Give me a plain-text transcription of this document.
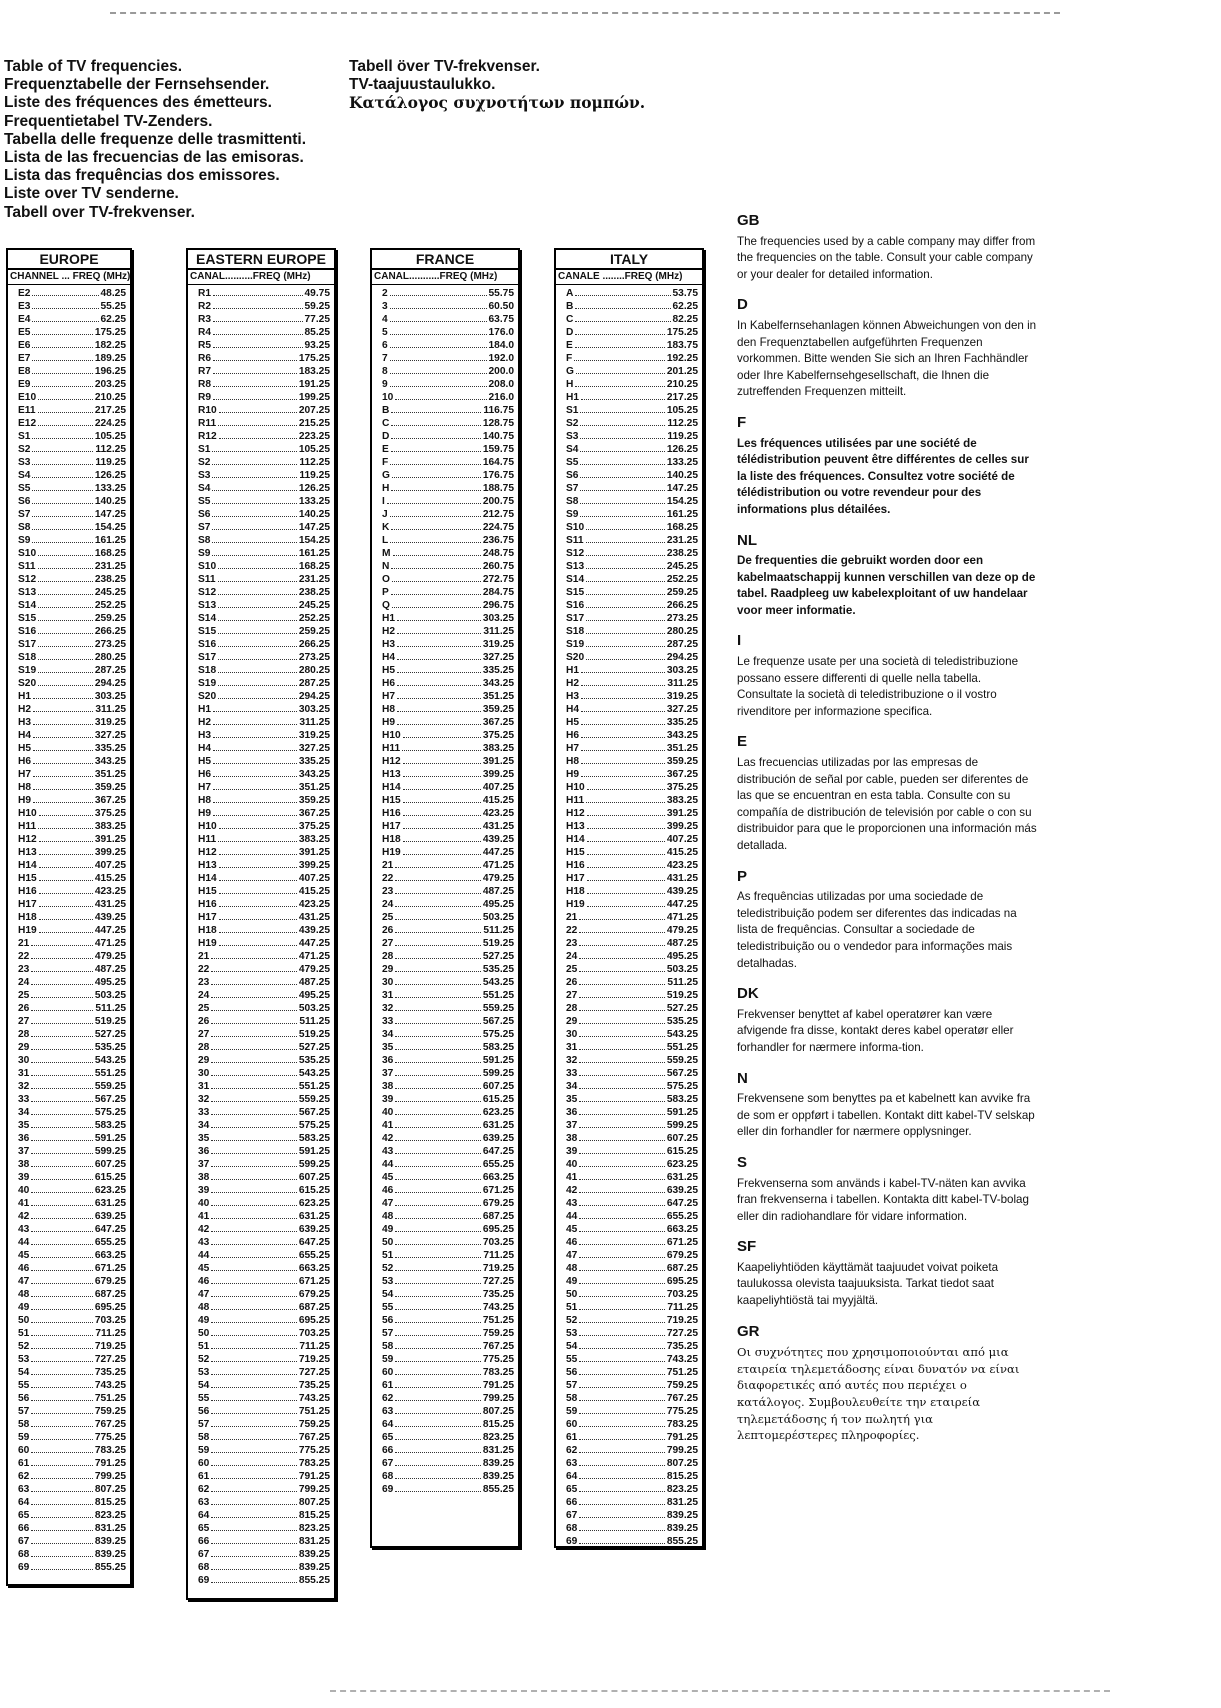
Table of TV frequencies.
Frequenztabelle der Fernsehsender.
Liste des fréquences des émetteurs.
Frequentietabel TV-Zenders.
Tabella delle frequenze delle trasmittenti.
Lista de las frecuencias de las emisoras.
Lista das frequências dos emissores.
Liste over TV senderne.
Tabell over TV-frekvenser.
Tabell över TV-frekvenser.
TV-taajuustaulukko.
Κατάλογος συχνοτήτων πομπών.
EUROPE
CHANNEL ... FREQ (MHz)
E2	48.25
E3	55.25
E4	62.25
E5	175.25
E6	182.25
E7	189.25
E8	196.25
E9	203.25
E10	210.25
E11	217.25
E12	224.25
S1	105.25
S2	112.25
S3	119.25
S4	126.25
S5	133.25
S6	140.25
S7	147.25
S8	154.25
S9	161.25
S10	168.25
S11	231.25
S12	238.25
S13	245.25
S14	252.25
S15	259.25
S16	266.25
S17	273.25
S18	280.25
S19	287.25
S20	294.25
H1	303.25
H2	311.25
H3	319.25
H4	327.25
H5	335.25
H6	343.25
H7	351.25
H8	359.25
H9	367.25
H10	375.25
H11	383.25
H12	391.25
H13	399.25
H14	407.25
H15	415.25
H16	423.25
H17	431.25
H18	439.25
H19	447.25
21	471.25
22	479.25
23	487.25
24	495.25
25	503.25
26	511.25
27	519.25
28	527.25
29	535.25
30	543.25
31	551.25
32	559.25
33	567.25
34	575.25
35	583.25
36	591.25
37	599.25
38	607.25
39	615.25
40	623.25
41	631.25
42	639.25
43	647.25
44	655.25
45	663.25
46	671.25
47	679.25
48	687.25
49	695.25
50	703.25
51	711.25
52	719.25
53	727.25
54	735.25
55	743.25
56	751.25
57	759.25
58	767.25
59	775.25
60	783.25
61	791.25
62	799.25
63	807.25
64	815.25
65	823.25
66	831.25
67	839.25
68	839.25
69	855.25
EASTERN EUROPE
CANAL..........FREQ (MHz)
R1	49.75
R2	59.25
R3	77.25
R4	85.25
R5	93.25
R6	175.25
R7	183.25
R8	191.25
R9	199.25
R10	207.25
R11	215.25
R12	223.25
S1	105.25
S2	112.25
S3	119.25
S4	126.25
S5	133.25
S6	140.25
S7	147.25
S8	154.25
S9	161.25
S10	168.25
S11	231.25
S12	238.25
S13	245.25
S14	252.25
S15	259.25
S16	266.25
S17	273.25
S18	280.25
S19	287.25
S20	294.25
H1	303.25
H2	311.25
H3	319.25
H4	327.25
H5	335.25
H6	343.25
H7	351.25
H8	359.25
H9	367.25
H10	375.25
H11	383.25
H12	391.25
H13	399.25
H14	407.25
H15	415.25
H16	423.25
H17	431.25
H18	439.25
H19	447.25
21	471.25
22	479.25
23	487.25
24	495.25
25	503.25
26	511.25
27	519.25
28	527.25
29	535.25
30	543.25
31	551.25
32	559.25
33	567.25
34	575.25
35	583.25
36	591.25
37	599.25
38	607.25
39	615.25
40	623.25
41	631.25
42	639.25
43	647.25
44	655.25
45	663.25
46	671.25
47	679.25
48	687.25
49	695.25
50	703.25
51	711.25
52	719.25
53	727.25
54	735.25
55	743.25
56	751.25
57	759.25
58	767.25
59	775.25
60	783.25
61	791.25
62	799.25
63	807.25
64	815.25
65	823.25
66	831.25
67	839.25
68	839.25
69	855.25
FRANCE
CANAL...........FREQ (MHz)
2	55.75
3	60.50
4	63.75
5	176.0
6	184.0
7	192.0
8	200.0
9	208.0
10	216.0
B	116.75
C	128.75
D	140.75
E	159.75
F	164.75
G	176.75
H	188.75
I	200.75
J	212.75
K	224.75
L	236.75
M	248.75
N	260.75
O	272.75
P	284.75
Q	296.75
H1	303.25
H2	311.25
H3	319.25
H4	327.25
H5	335.25
H6	343.25
H7	351.25
H8	359.25
H9	367.25
H10	375.25
H11	383.25
H12	391.25
H13	399.25
H14	407.25
H15	415.25
H16	423.25
H17	431.25
H18	439.25
H19	447.25
21	471.25
22	479.25
23	487.25
24	495.25
25	503.25
26	511.25
27	519.25
28	527.25
29	535.25
30	543.25
31	551.25
32	559.25
33	567.25
34	575.25
35	583.25
36	591.25
37	599.25
38	607.25
39	615.25
40	623.25
41	631.25
42	639.25
43	647.25
44	655.25
45	663.25
46	671.25
47	679.25
48	687.25
49	695.25
50	703.25
51	711.25
52	719.25
53	727.25
54	735.25
55	743.25
56	751.25
57	759.25
58	767.25
59	775.25
60	783.25
61	791.25
62	799.25
63	807.25
64	815.25
65	823.25
66	831.25
67	839.25
68	839.25
69	855.25
ITALY
CANALE ........FREQ (MHz)
A	53.75
B	62.25
C	82.25
D	175.25
E	183.75
F	192.25
G	201.25
H	210.25
H1	217.25
S1	105.25
S2	112.25
S3	119.25
S4	126.25
S5	133.25
S6	140.25
S7	147.25
S8	154.25
S9	161.25
S10	168.25
S11	231.25
S12	238.25
S13	245.25
S14	252.25
S15	259.25
S16	266.25
S17	273.25
S18	280.25
S19	287.25
S20	294.25
H1	303.25
H2	311.25
H3	319.25
H4	327.25
H5	335.25
H6	343.25
H7	351.25
H8	359.25
H9	367.25
H10	375.25
H11	383.25
H12	391.25
H13	399.25
H14	407.25
H15	415.25
H16	423.25
H17	431.25
H18	439.25
H19	447.25
21	471.25
22	479.25
23	487.25
24	495.25
25	503.25
26	511.25
27	519.25
28	527.25
29	535.25
30	543.25
31	551.25
32	559.25
33	567.25
34	575.25
35	583.25
36	591.25
37	599.25
38	607.25
39	615.25
40	623.25
41	631.25
42	639.25
43	647.25
44	655.25
45	663.25
46	671.25
47	679.25
48	687.25
49	695.25
50	703.25
51	711.25
52	719.25
53	727.25
54	735.25
55	743.25
56	751.25
57	759.25
58	767.25
59	775.25
60	783.25
61	791.25
62	799.25
63	807.25
64	815.25
65	823.25
66	831.25
67	839.25
68	839.25
69	855.25
GB
The frequencies used by a cable company may differ from the frequencies on the table. Consult your cable company or your dealer for detailed information.
D
In Kabelfernsehanlagen können Abweichungen von den in den Frequenztabellen aufgeführten Frequenzen vorkommen. Bitte wenden Sie sich an Ihren Fachhändler oder Ihre Kabelfernsehgesellschaft, die Ihnen die zutreffenden Frequenzen mitteilt.
F
Les fréquences utilisées par une société de télédistribution peuvent être différentes de celles sur la liste des fréquences. Consultez votre société de télédistribution ou votre revendeur pour des informations plus détailées.
NL
De frequenties die gebruikt worden door een kabelmaatschappij kunnen verschillen van deze op de tabel. Raadpleeg uw kabelexploitant of uw handelaar voor meer informatie.
I
Le frequenze usate per una società di teledistribuzione possano essere differenti di quelle nella tabella. Consultate la società di teledistribuzione o il vostro rivenditore per informazione specifica.
E
Las frecuencias utilizadas por las empresas de distribución de señal por cable, pueden ser diferentes de las que se encuentran en esta tabla. Consulte con su compañía de distribución de televisión por cable o con su distribuidor para que le proporcionen una información más detallada.
P
As frequências utilizadas por uma sociedade de teledistribuição podem ser diferentes das indicadas na lista de frequências. Consultar a sociedade de teledistribuição ou o vendedor para informações mais detalhadas.
DK
Frekvenser benyttet af kabel operatører kan være afvigende fra disse, kontakt deres kabel operatør eller forhandler for nærmere informa-tion.
N
Frekvensene som benyttes pa et kabelnett kan avvike fra de som er oppført i tabellen. Kontakt ditt kabel-TV selskap eller din forhandler for nærmere opplysninger.
S
Frekvenserna som används i kabel-TV-näten kan avvika fran frekvenserna i tabellen. Kontakta ditt kabel-TV-bolag eller din radiohandlare för vidare information.
SF
Kaapeliyhtiöden käyttämät taajuudet voivat poiketa taulukossa olevista taajuuksista. Tarkat tiedot saat kaapeliyhtiöstä tai myyjältä.
GR
Οι συχνότητες που χρησιμοποιούνται από μια εταιρεία τηλεμετάδοσης είναι δυνατόν να είναι διαφορετικές από αυτές που περιέχει ο κατάλογος. Συμβουλευθείτε την εταιρεία τηλεμετάδοσης ή τον πωλητή για λεπτομερέστερες πληροφορίες.
